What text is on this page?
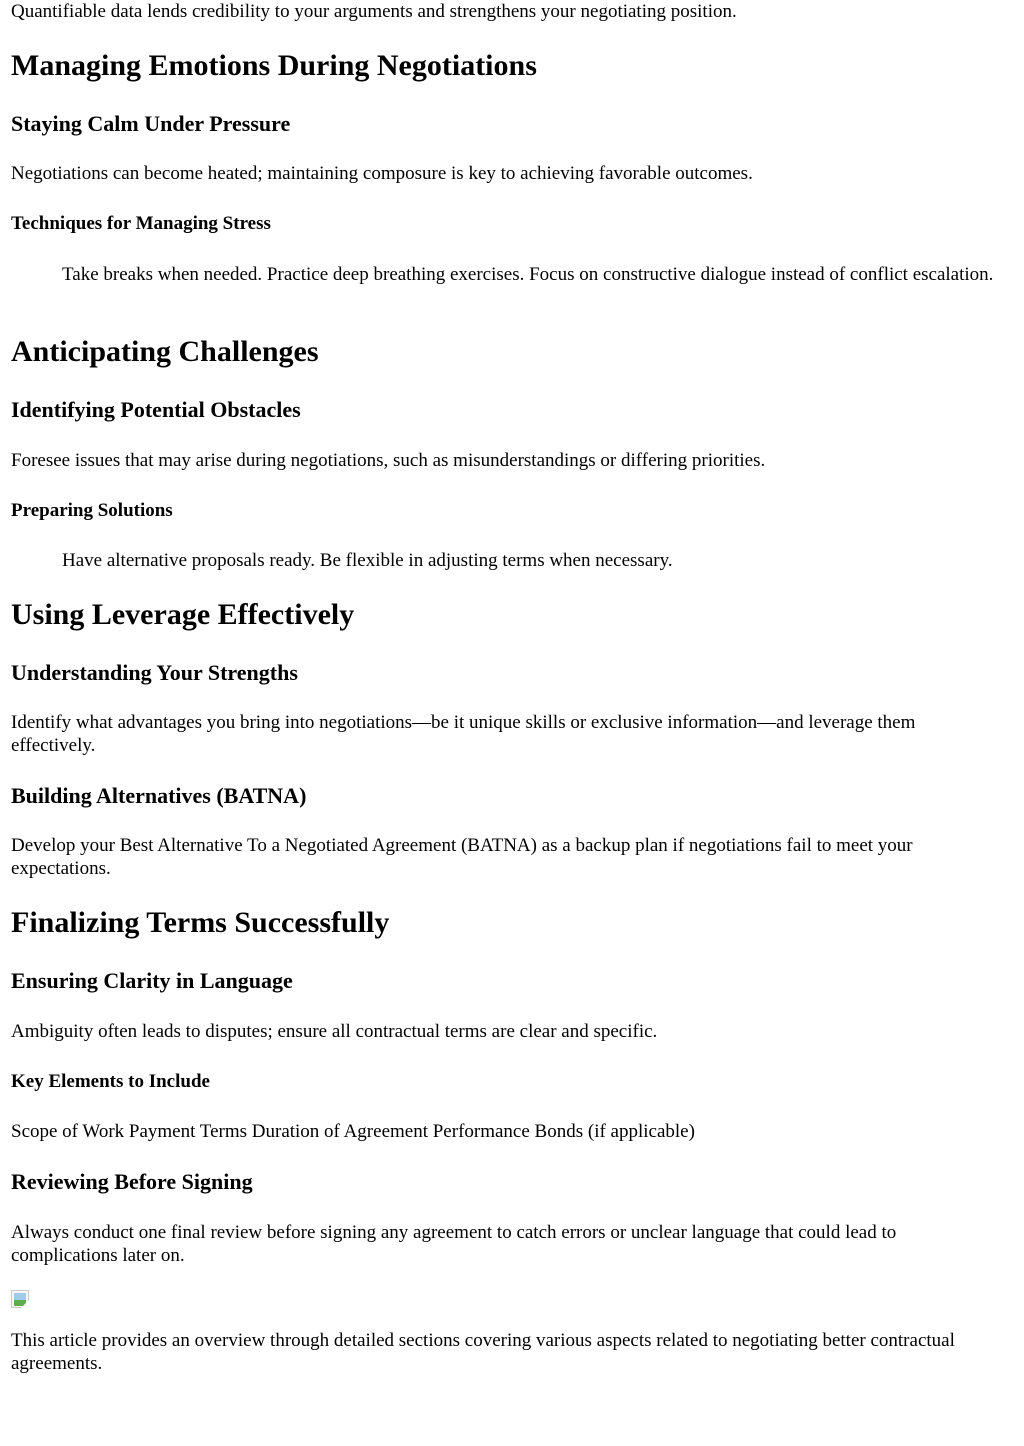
Quantifiable data lends credibility to your arguments and strengthens your negotiating position.

Managing Emotions During Negotiations
Staying Calm Under Pressure

Negotiations can become heated; maintaining composure is key to achieving favorable outcomes.

Techniques for Managing Stress
Take breaks when needed. Practice deep breathing exercises. Focus on constructive dialogue instead of conflict escalation.
Anticipating Challenges
Identifying Potential Obstacles

Foresee issues that may arise during negotiations, such as misunderstandings or differing priorities.

Preparing Solutions
Have alternative proposals ready. Be flexible in adjusting terms when necessary.
Using Leverage Effectively
Understanding Your Strengths

Identify what advantages you bring into negotiations—be it unique skills or exclusive information—and leverage them effectively.

Building Alternatives (BATNA)

Develop your Best Alternative To a Negotiated Agreement (BATNA) as a backup plan if negotiations fail to meet your expectations.

Finalizing Terms Successfully
Ensuring Clarity in Language

Ambiguity often leads to disputes; ensure all contractual terms are clear and specific.

Key Elements to Include

Scope of Work Payment Terms Duration of Agreement Performance Bonds (if applicable)

Reviewing Before Signing

Always conduct one final review before signing any agreement to catch errors or unclear language that could lead to complications later on.

This article provides an overview through detailed sections covering various aspects related to negotiating better contractual agreements.
